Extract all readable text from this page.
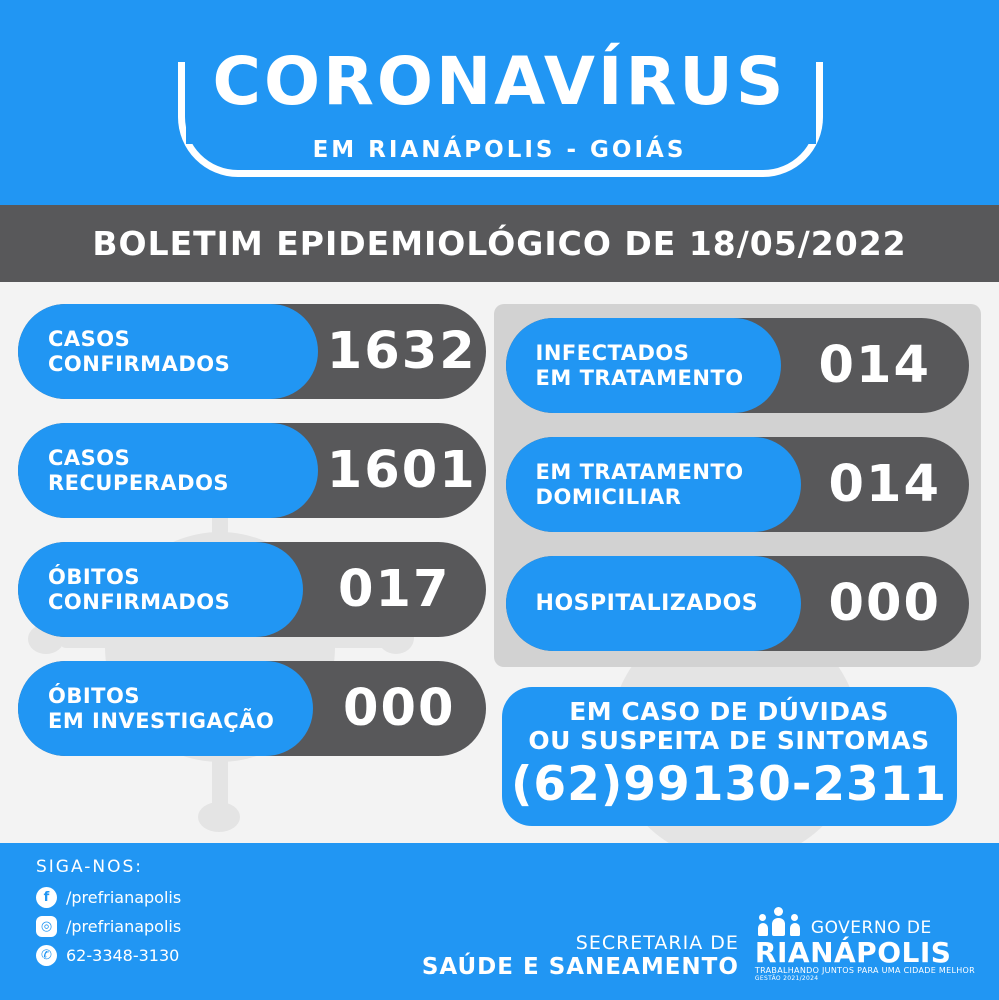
CORONAVÍRUS
EM RIANÁPOLIS - GOIÁS
BOLETIM EPIDEMIOLÓGICO DE 18/05/2022
CASOS
CONFIRMADOS	1632
CASOS
RECUPERADOS	1601
ÓBITOS
CONFIRMADOS	017
ÓBITOS
EM INVESTIGAÇÃO	000
INFECTADOS
EM TRATAMENTO	014
EM TRATAMENTO
DOMICILIAR	014
HOSPITALIZADOS	000
EM CASO DE DÚVIDAS
OU SUSPEITA DE SINTOMAS
(62)99130-2311
SIGA-NOS:
f	/prefrianapolis
◎ /prefrianapolis
✆ 62-3348-3130
SECRETARIA DE
SAÚDE E SANEAMENTO
GOVERNO DE
RIANÁPOLIS
TRABALHANDO JUNTOS PARA UMA CIDADE MELHOR
GESTÃO 2021/2024
